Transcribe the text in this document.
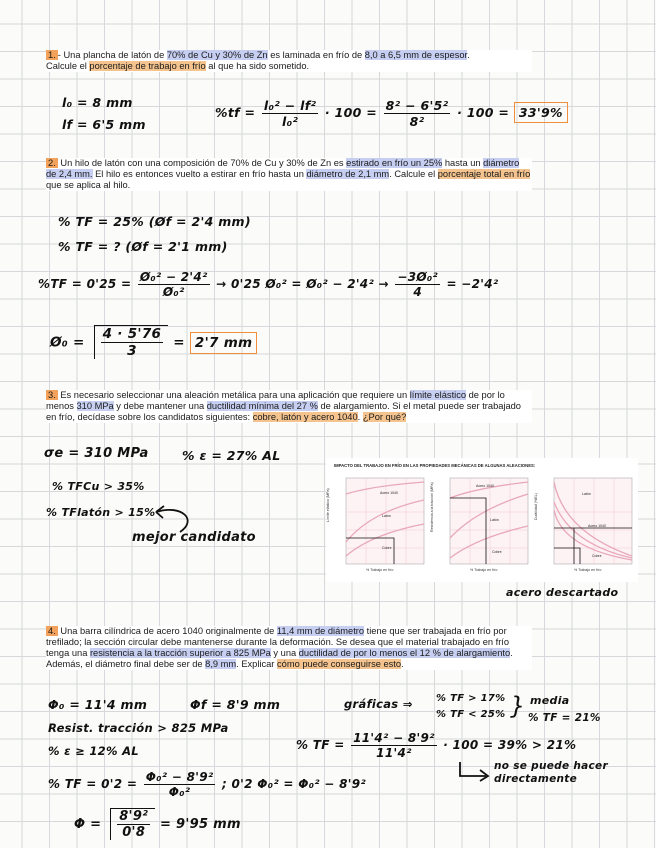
1. - Una plancha de latón de 70% de Cu y 30% de Zn es laminada en frío de 8,0 a 6,5 mm de espesor.
Calcule el porcentaje de trabajo en frío al que ha sido sometido.
l₀ = 8 mm
lf = 6'5 mm
$\%tf = \frac{\text{l₀² − lf²}}{\text{l₀²}} \cdot 100 = \frac{\text{8² − 6'5²}}{\text{8²}} \cdot 100 = 33'9\%$
2. Un hilo de latón con una composición de 70% de Cu y 30% de Zn es estirado en frío un 25% hasta un diámetro de 2,4 mm. El hilo es entonces vuelto a estirar en frío hasta un diámetro de 2,1 mm. Calcule el porcentaje total en frío que se aplica al hilo.
% TF = 25% (Øf = 2'4 mm)
% TF = ? (Øf = 2'1 mm)
$\%TF = 0'25 = \frac{\text{Ø₀² − 2'4²}}{\text{Ø₀²}} \to 0'25$ Ø₀² = Ø₀² − $2'4^2 \to \frac{\text{−3Ø₀²}}{4} = -2'4^2$
Ø₀ = $\frac{4 \cdot 5'76}{3} = 2'7$ mm
3. Es necesario seleccionar una aleación metálica para una aplicación que requiere un límite elástico de por lo menos 310 MPa y debe mantener una ductilidad mínima del 27 % de alargamiento. Si el metal puede ser trabajado en frío, decídase sobre los candidatos siguientes: cobre, latón y acero 1040. ¿Por qué?
σe = 310 MPa	% ε = 27% AL
% TFCu > 35%
% TFlatón > 15%
mejor candidato
IMPACTO DEL TRABAJO EN FRÍO EN LAS PROPIEDADES MECÁNICAS DE ALGUNAS ALEACIONES:
Límite elástico (MPa)	Acero 1040
Latón
Cobre
% Trabajo en frío
Resistencia a la tracción (MPa)	Acero 1040
Latón
Cobre
% Trabajo en frío
Ductilidad (%EL)	Latón
Acero 1040
Cobre
% Trabajo en frío
acero descartado
4. Una barra cilíndrica de acero 1040 originalmente de 11,4 mm de diámetro tiene que ser trabajada en frío por trefilado; la sección circular debe mantenerse durante la deformación. Se desea que el material trabajado en frío tenga una resistencia a la tracción superior a 825 MPa y una ductilidad de por lo menos el 12 % de alargamiento. Además, el diámetro final debe ser de 8,9 mm. Explicar cómo puede conseguirse esto.
Φ₀ = 11'4 mm	Φf = 8'9 mm	gráficas ⇒ % TF > 17%
% TF < 25% } media
% TF = 21%
Resist. tracción > 825 MPa
% ε ≥ 12% AL	% TF = $\frac{\text{11'4² − 8'9²}}{\text{11'4²}} \cdot 100 = 39\% > 21\%$
no se puede hacer
directamente
% TF = $0'2 = \frac{\text{Φ₀² − 8'9²}}{\text{Φ₀²}}$ ; 0'2 Φ₀² = Φ₀² − 8'9²
$\Phi = \frac{\text{8'9²}}{0'8} = 9'95$ mm
